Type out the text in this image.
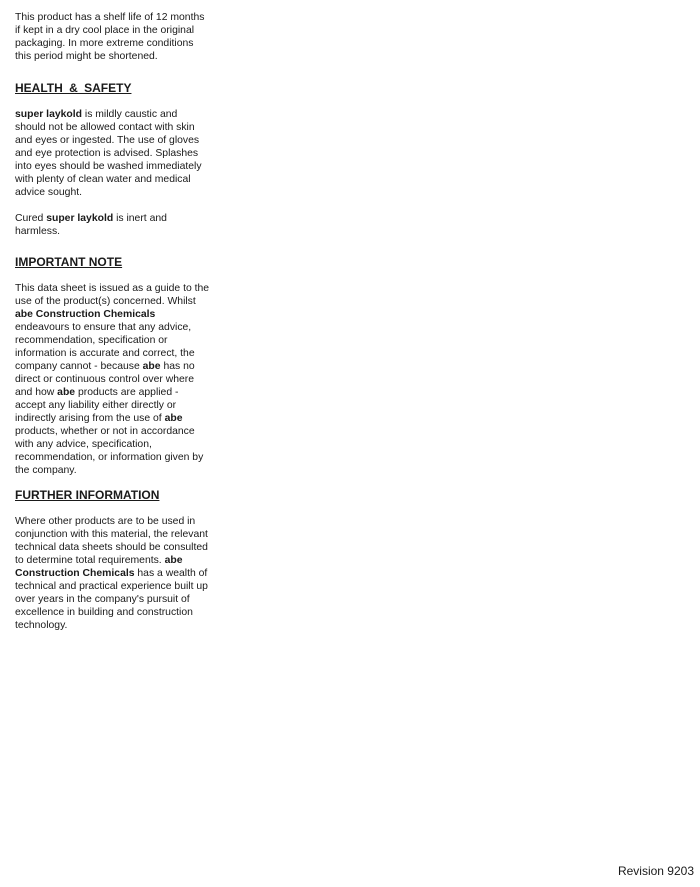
This product has a shelf life of 12 months if kept in a dry cool place in the original packaging. In more extreme conditions this period might be shortened.

HEALTH & SAFETY

super laykold is mildly caustic and should not be allowed contact with skin and eyes or ingested. The use of gloves and eye protection is advised. Splashes into eyes should be washed immediately with plenty of clean water and medical advice sought.

Cured super laykold is inert and harmless.

IMPORTANT NOTE

This data sheet is issued as a guide to the use of the product(s) concerned. Whilst abe Construction Chemicals endeavours to ensure that any advice, recommendation, specification or information is accurate and correct, the company cannot - because abe has no direct or continuous control over where and how abe products are applied - accept any liability either directly or indirectly arising from the use of abe products, whether or not in accordance with any advice, specification, recommendation, or information given by the company.

FURTHER INFORMATION

Where other products are to be used in conjunction with this material, the relevant technical data sheets should be consulted to determine total requirements. abe Construction Chemicals has a wealth of technical and practical experience built up over years in the company's pursuit of excellence in building and construction technology.

Revision 9203
